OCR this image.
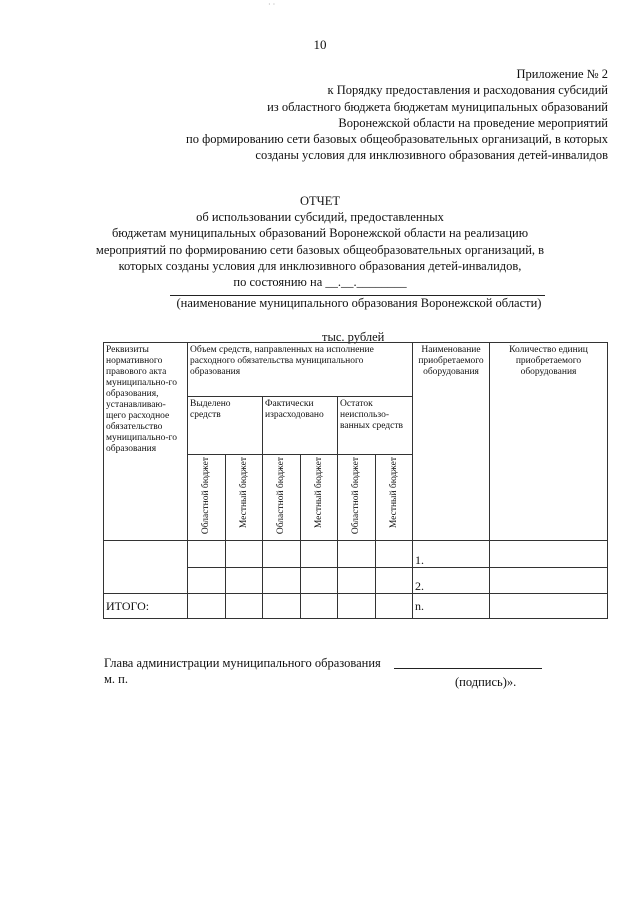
· ·
10
Приложение № 2
к Порядку предоставления и расходования субсидий
из областного бюджета бюджетам муниципальных образований
Воронежской области на проведение мероприятий
по формированию сети базовых общеобразовательных организаций, в которых
созданы условия для инклюзивного образования детей-инвалидов
ОТЧЕТ
об использовании субсидий, предоставленных
бюджетам муниципальных образований Воронежской области на реализацию
мероприятий по формированию сети базовых общеобразовательных организаций, в
которых созданы условия для инклюзивного образования детей-инвалидов,
по состоянию на __.__.________
(наименование муниципального образования Воронежской области)
тыс. рублей
Реквизиты нормативного правового акта муниципально-го образования, устанавливаю-щего расходное обязательство муниципально-го образования	Объем средств, направленных на исполнение расходного обязательства муниципального образования						Наименование приобретаемого оборудования	Количество единиц приобретаемого оборудования
	Выделено средств		Фактически израсходовано		Остаток неиспользо-ванных средств			
	Областной бюджет	Местный бюджет	Областной бюджет	Местный бюджет	Областной бюджет	Местный бюджет		
							1.	
							2.	
ИТОГО:							n.	
Глава администрации муниципального образования
м. п.	(подпись)».
